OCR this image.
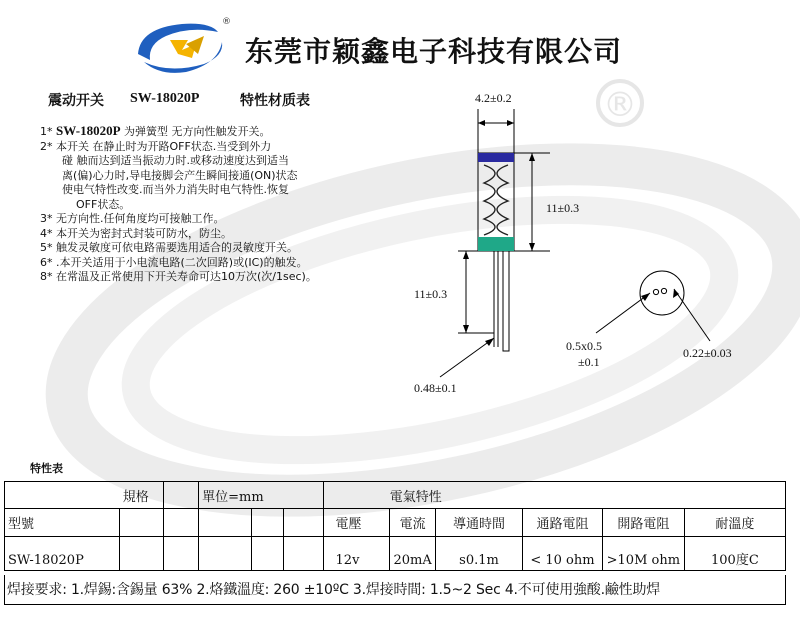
®
®
东莞市颖鑫电子科技有限公司
震动开关 SW-18020P	特性材质表
1* SW-18020P 为弹簧型 无方向性触发开关。
2* 本开关 在静止时为开路OFF状态.当受到外力
碰 触而达到适当振动力时.或移动速度达到适当
离(偏)心力时,导电接脚会产生瞬间接通(ON)状态
使电气特性改变.而当外力消失时电气特性.恢复
OFF状态。
3* 无方向性.任何角度均可接触工作。
4* 本开关为密封式封装可防水，防尘。
5* 触发灵敏度可依电路需要选用适合的灵敏度开关。
6* .本开关适用于小电流电路(二次回路)或(IC)的触发。
8* 在常温及正常使用下开关寿命可达10万次(次/1sec)。
4.2±0.2
11±0.3
11±0.3
0.48±0.1
0.5x0.5
±0.1
0.22±0.03
特性表
	規格		單位=mm				電氣特性				
型號						電壓	電流	導通時間	通路電阻	開路電阻	耐溫度
SW-18020P						12v	20mA	s0.1m	< 10 ohm	>10M ohm	100度C
焊接要求: 1.焊錫:含錫量 63% 2.烙鐵溫度: 260 ±10ºC 3.焊接時間: 1.5~2 Sec 4.不可使用強酸.鹼性助焊
